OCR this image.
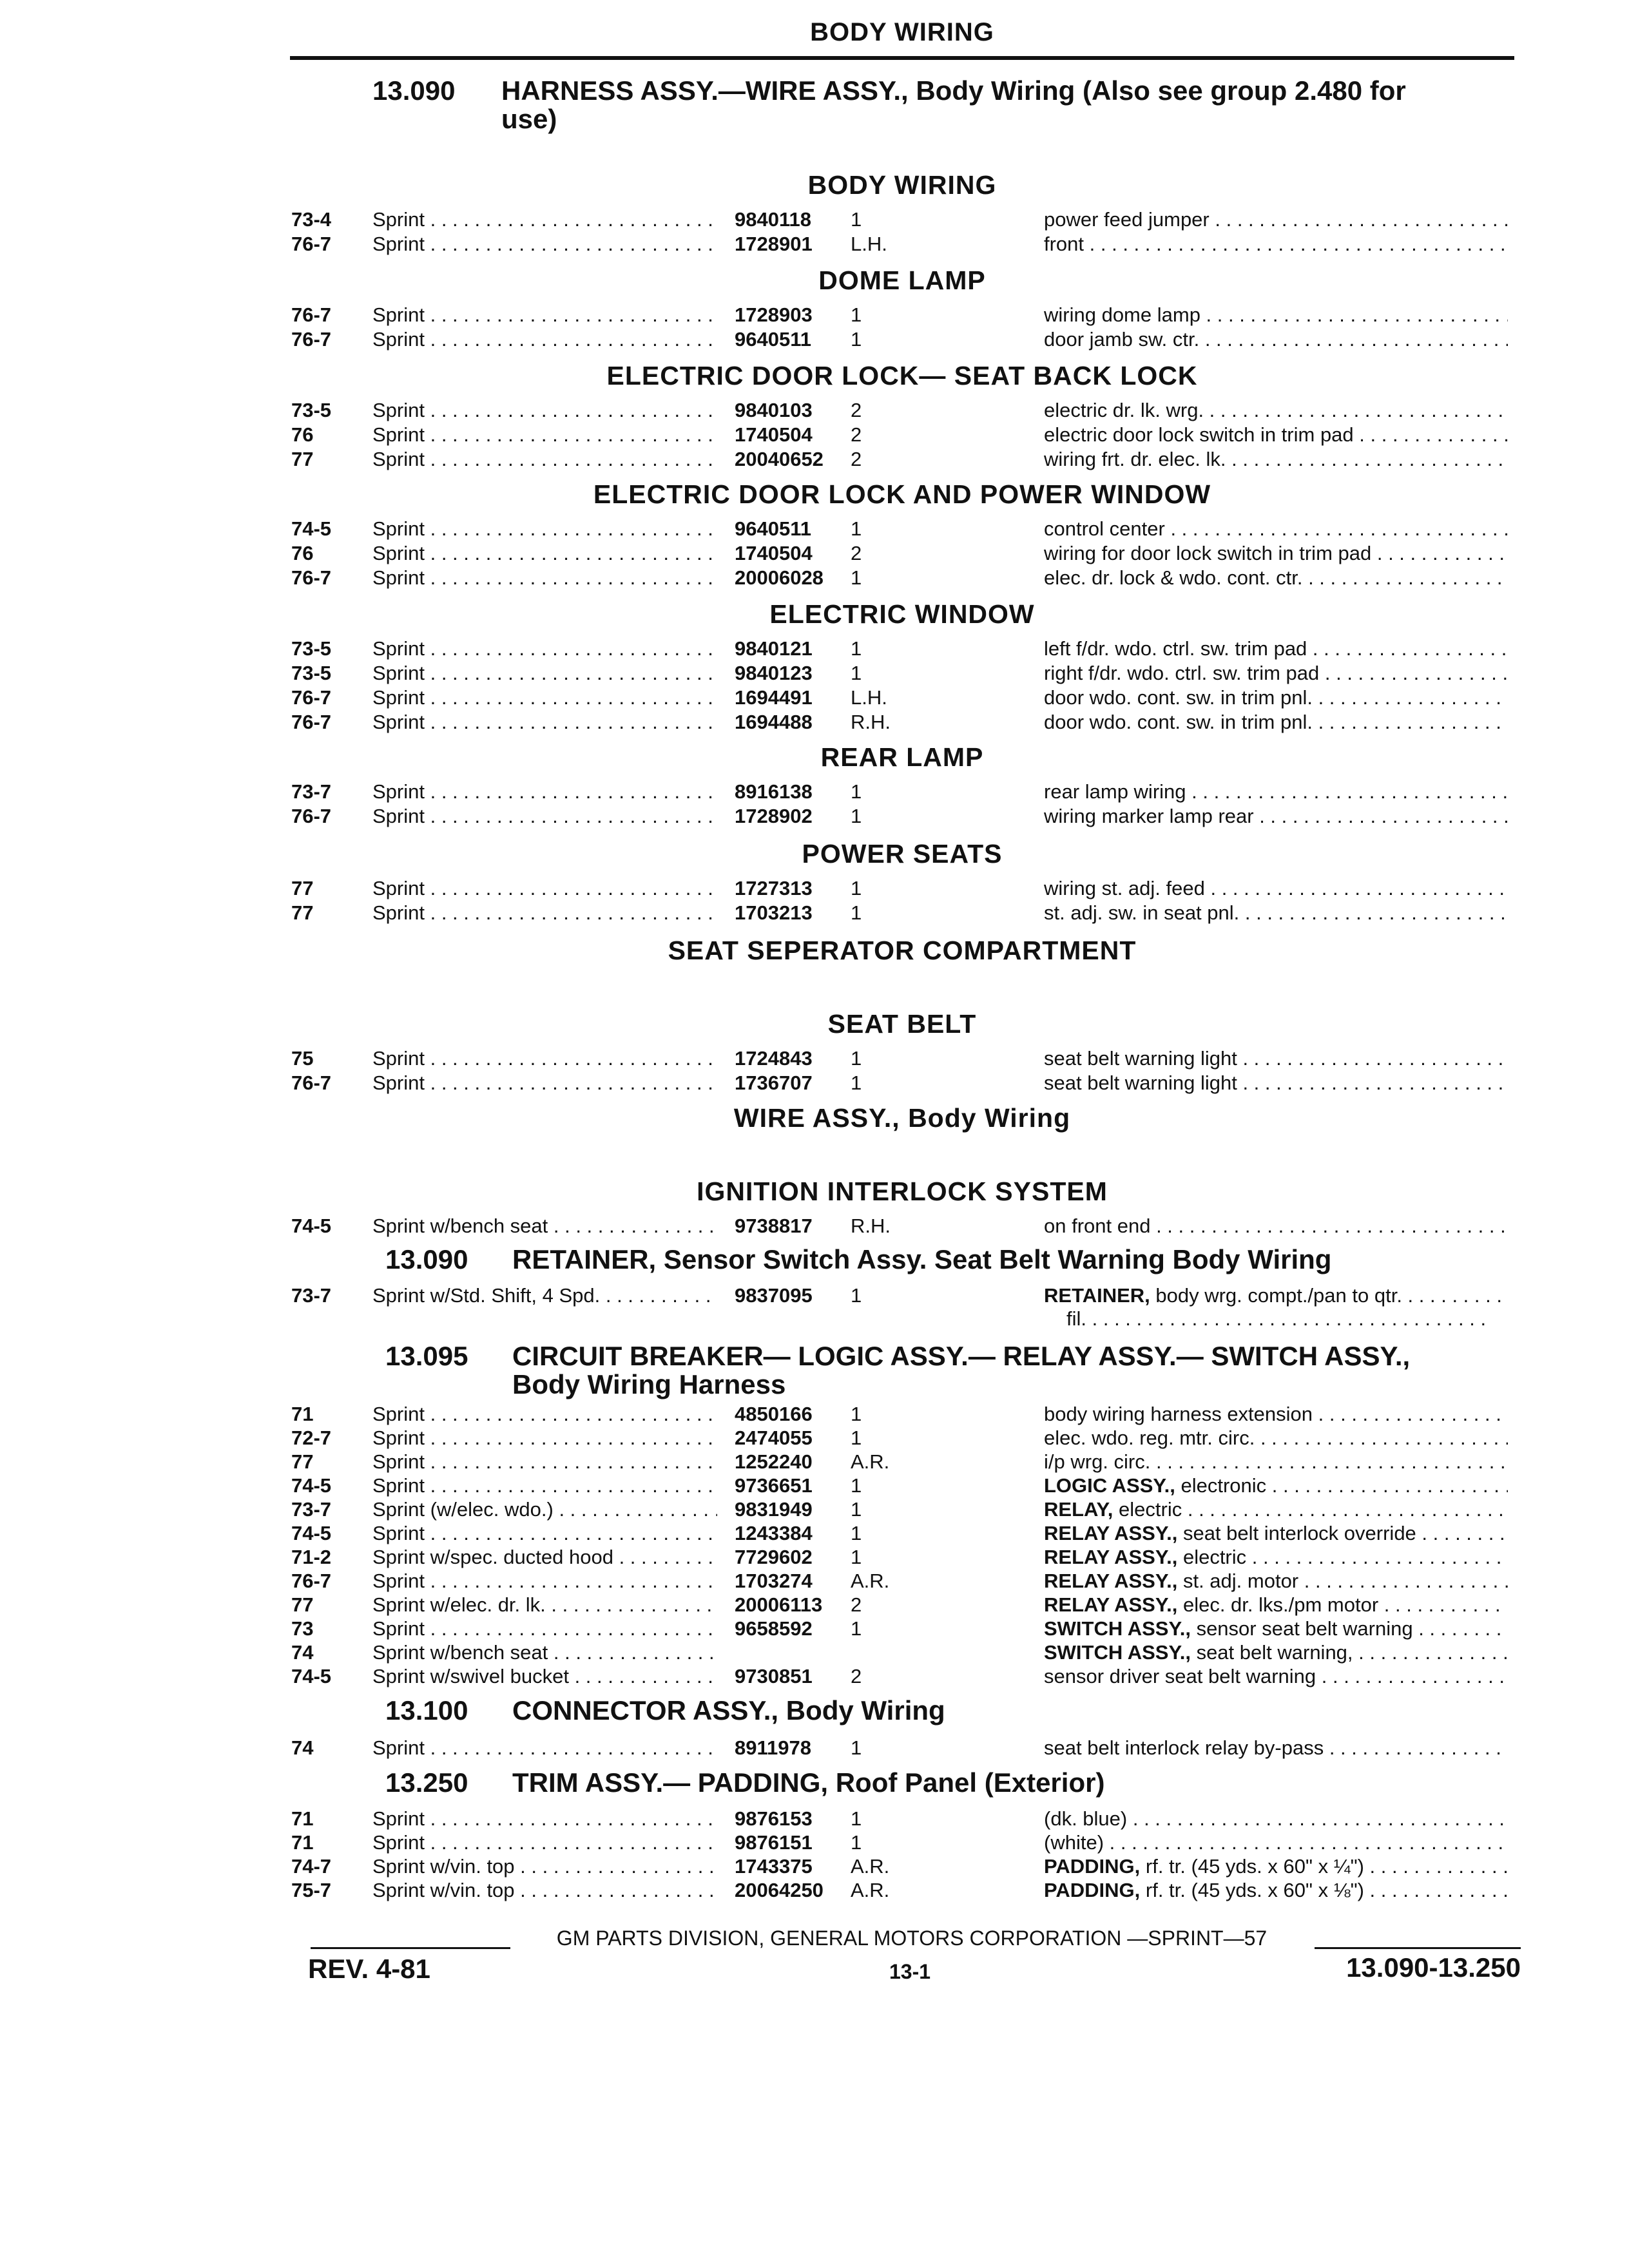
BODY WIRING
13.090 HARNESS ASSY.—WIRE ASSY., Body Wiring (Also see group 2.480 for
use)
BODY WIRING
73-4 Sprint . . .	9840118 1	power feed jumper . . .
76-7 Sprint . . .	1728901 L.H.	front . . .
DOME LAMP
76-7 Sprint . . .	1728903 1	wiring dome lamp . . .
76-7 Sprint . . .	9640511 1	door jamb sw. ctr. . . .
ELECTRIC DOOR LOCK— SEAT BACK LOCK
73-5 Sprint . . .	9840103 2	electric dr. lk. wrg. . . .
76	Sprint . . .	1740504 2	electric door lock switch in trim pad . . .
77	Sprint . . .	20040652 2	wiring frt. dr. elec. lk. . . .
ELECTRIC DOOR LOCK AND POWER WINDOW
74-5 Sprint . . .	9640511 1	control center . . .
76	Sprint . . .	1740504 2	wiring for door lock switch in trim pad . . .
76-7 Sprint . . .	20006028 1	elec. dr. lock & wdo. cont. ctr. . . .
ELECTRIC WINDOW
73-5 Sprint . . .	9840121 1	left f/dr. wdo. ctrl. sw. trim pad . . .
73-5 Sprint . . .	9840123 1	right f/dr. wdo. ctrl. sw. trim pad . . .
76-7 Sprint . . .	1694491 L.H.	door wdo. cont. sw. in trim pnl. . . .
76-7 Sprint . . .	1694488 R.H.	door wdo. cont. sw. in trim pnl. . . .
REAR LAMP
73-7 Sprint . . .	8916138 1	rear lamp wiring . . .
76-7 Sprint . . .	1728902 1	wiring marker lamp rear . . .
POWER SEATS
77	Sprint . . .	1727313 1	wiring st. adj. feed . . .
77	Sprint . . .	1703213 1	st. adj. sw. in seat pnl. . . .
SEAT SEPERATOR COMPARTMENT
SEAT BELT
75	Sprint . . .	1724843 1	seat belt warning light . . .
76-7 Sprint . . .	1736707 1	seat belt warning light . . .
WIRE ASSY., Body Wiring
IGNITION INTERLOCK SYSTEM
74-5 Sprint w/bench seat . . .	9738817 R.H.	on front end . . .
13.090 RETAINER, Sensor Switch Assy. Seat Belt Warning Body Wiring
73-7 Sprint w/Std. Shift, 4 Spd. . . .	9837095 1	RETAINER, body wrg. compt./pan to qtr. . . .
fil. . . .
13.095 CIRCUIT BREAKER— LOGIC ASSY.— RELAY ASSY.— SWITCH ASSY.,
Body Wiring Harness
71	Sprint . . .	4850166 1	body wiring harness extension . . .
72-7 Sprint . . .	2474055 1	elec. wdo. reg. mtr. circ. . . .
77	Sprint . . .	1252240 A.R.	i/p wrg. circ. . . .
74-5 Sprint . . .	9736651 1	LOGIC ASSY., electronic . . .
73-7 Sprint (w/elec. wdo.) . . .	9831949 1	RELAY, electric . . .
74-5 Sprint . . .	1243384 1	RELAY ASSY., seat belt interlock override . . .
71-2 Sprint w/spec. ducted hood . . .	7729602 1	RELAY ASSY., electric . . .
76-7 Sprint . . .	1703274 A.R.	RELAY ASSY., st. adj. motor . . .
77	Sprint w/elec. dr. lk. . . .	20006113 2	RELAY ASSY., elec. dr. lks./pm motor . . .
73	Sprint . . .	9658592 1	SWITCH ASSY., sensor seat belt warning . . .
74	Sprint w/bench seat . . .	SWITCH ASSY., seat belt warning, . . .
74-5 Sprint w/swivel bucket . . .	9730851 2	sensor driver seat belt warning . . .
13.100 CONNECTOR ASSY., Body Wiring
74	Sprint . . .	8911978 1	seat belt interlock relay by-pass . . .
13.250 TRIM ASSY.— PADDING, Roof Panel (Exterior)
71	Sprint . . .	9876153 1	(dk. blue) . . .
71	Sprint . . .	9876151 1	(white) . . .
74-7 Sprint w/vin. top . . .	1743375 A.R.	PADDING, rf. tr. (45 yds. x 60" x ¼") . . .
75-7 Sprint w/vin. top . . .	20064250 A.R.	PADDING, rf. tr. (45 yds. x 60" x ⅛") . . .
GM PARTS DIVISION, GENERAL MOTORS CORPORATION —SPRINT—57
REV. 4-81	13-1	13.090-13.250
